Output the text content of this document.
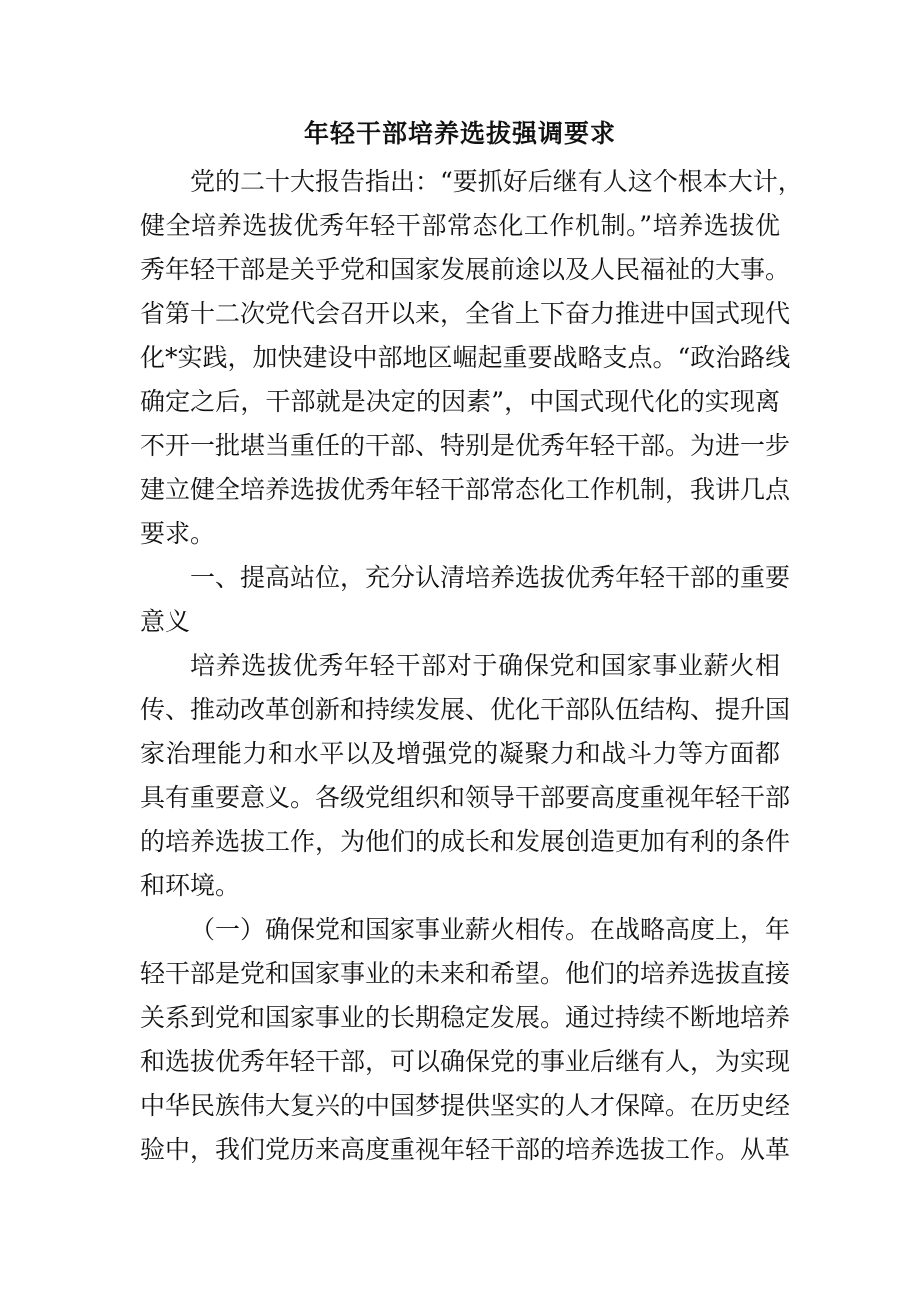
年轻干部培养选拔强调要求
党的二十大报告指出：“要抓好后继有人这个根本大计，
健全培养选拔优秀年轻干部常态化工作机制。”培养选拔优
秀年轻干部是关乎党和国家发展前途以及人民福祉的大事。
省第十二次党代会召开以来，全省上下奋力推进中国式现代
化*实践，加快建设中部地区崛起重要战略支点。“政治路线
确定之后，干部就是决定的因素”，中国式现代化的实现离
不开一批堪当重任的干部、特别是优秀年轻干部。为进一步
建立健全培养选拔优秀年轻干部常态化工作机制，我讲几点
要求。
一、提高站位，充分认清培养选拔优秀年轻干部的重要
意义
培养选拔优秀年轻干部对于确保党和国家事业薪火相
传、推动改革创新和持续发展、优化干部队伍结构、提升国
家治理能力和水平以及增强党的凝聚力和战斗力等方面都
具有重要意义。各级党组织和领导干部要高度重视年轻干部
的培养选拔工作，为他们的成长和发展创造更加有利的条件
和环境。
（一）确保党和国家事业薪火相传。在战略高度上，年
轻干部是党和国家事业的未来和希望。他们的培养选拔直接
关系到党和国家事业的长期稳定发展。通过持续不断地培养
和选拔优秀年轻干部，可以确保党的事业后继有人，为实现
中华民族伟大复兴的中国梦提供坚实的人才保障。在历史经
验中，我们党历来高度重视年轻干部的培养选拔工作。从革
